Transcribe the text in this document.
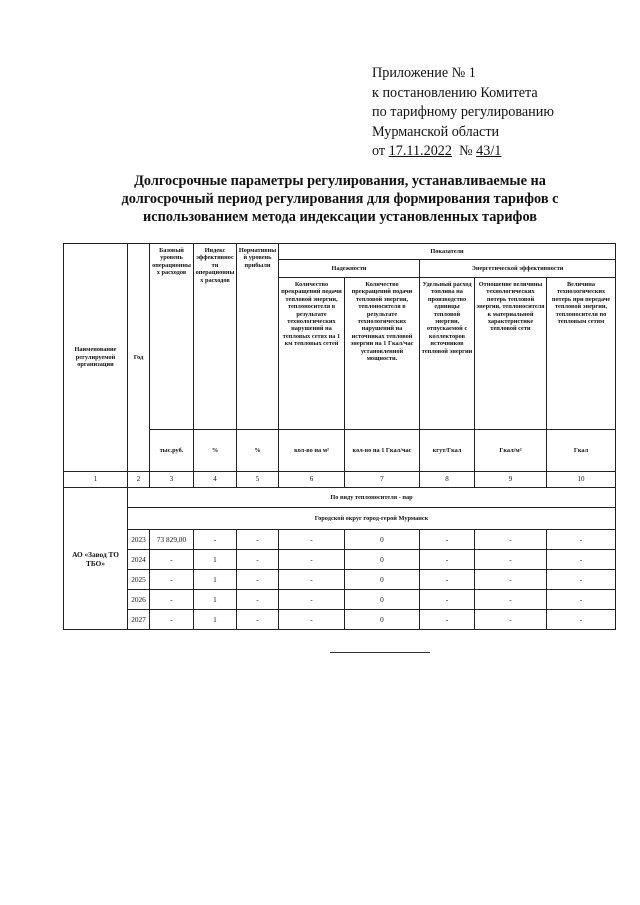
Приложение № 1
к постановлению Комитета
по тарифному регулированию
Мурманской области
от 17.11.2022 № 43/1
Долгосрочные параметры регулирования, устанавливаемые на
долгосрочный период регулирования для формирования тарифов с
использованием метода индексации установленных тарифов
Наименование регулируемой организации	Год	Базовый уровень операционных расходов	Индекс эффективности операционных расходов	Нормативный уровень прибыли	Показатели				
					Надежности		Энергетической эффективности		
					Количество прекращений подачи тепловой энергии, теплоносителя в результате технологических нарушений на тепловых сетях на 1 км тепловых сетей	Количество прекращений подачи тепловой энергии, теплоносителя в результате технологических нарушений на источниках тепловой энергии на 1 Гкал/час установленной мощности.	Удельный расход топлива на производство единицы тепловой энергии, отпускаемой с коллекторов источников тепловой энергии	Отношение величины технологических потерь тепловой энергии, теплоносителя к материальной характеристике тепловой сети	Величина технологических потерь при передаче тепловой энергии, теплоносителя по тепловым сетям
		тыс.руб.	%	%	кол-во на м²	кол-во на 1 Гкал/час	кгут/Гкал	Гкал/м²	Гкал
1	2	3	4	5	6	7	8	9	10
АО «Завод ТО ТБО»	По виду теплоносителя - пар								
	Городской округ город-герой Мурманск								
	2023	73 829,00	-	-	-	0	-	-	-
	2024	-	1	-	-	0	-	-	-
	2025	-	1	-	-	0	-	-	-
	2026	-	1	-	-	0	-	-	-
	2027	-	1	-	-	0	-	-	-
